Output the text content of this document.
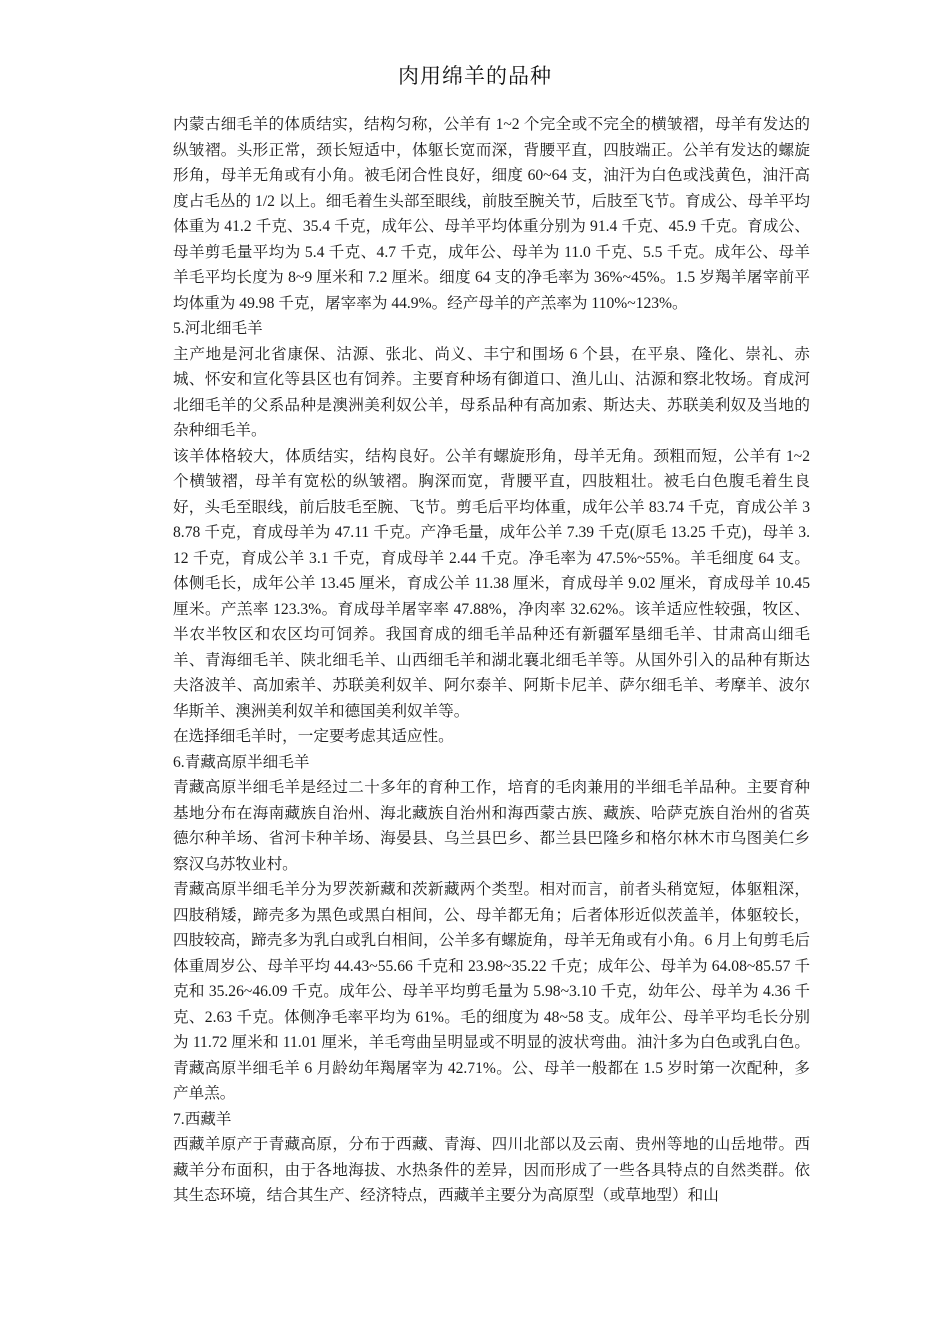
肉用绵羊的品种

内蒙古细毛羊的体质结实，结构匀称，公羊有 1~2 个完全或不完全的横皱褶，母羊有发达的纵皱褶。头形正常，颈长短适中，体躯长宽而深，背腰平直，四肢端正。公羊有发达的螺旋形角，母羊无角或有小角。被毛闭合性良好，细度 60~64 支，油汗为白色或浅黄色，油汗高度占毛丛的 1/2 以上。细毛着生头部至眼线，前肢至腕关节，后肢至飞节。育成公、母羊平均体重为 41.2 千克、35.4 千克，成年公、母羊平均体重分别为 91.4 千克、45.9 千克。育成公、母羊剪毛量平均为 5.4 千克、4.7 千克，成年公、母羊为 11.0 千克、5.5 千克。成年公、母羊羊毛平均长度为 8~9 厘米和 7.2 厘米。细度 64 支的净毛率为 36%~45%。1.5 岁羯羊屠宰前平均体重为 49.98 千克，屠宰率为 44.9%。经产母羊的产羔率为 110%~123%。

5.河北细毛羊

主产地是河北省康保、沽源、张北、尚义、丰宁和围场 6 个县，在平泉、隆化、崇礼、赤城、怀安和宣化等县区也有饲养。主要育种场有御道口、渔儿山、沽源和察北牧场。育成河北细毛羊的父系品种是澳洲美利奴公羊，母系品种有高加索、斯达夫、苏联美利奴及当地的杂种细毛羊。

该羊体格较大，体质结实，结构良好。公羊有螺旋形角，母羊无角。颈粗而短，公羊有 1~2 个横皱褶，母羊有宽松的纵皱褶。胸深而宽，背腰平直，四肢粗壮。被毛白色腹毛着生良好，头毛至眼线，前后肢毛至腕、飞节。剪毛后平均体重，成年公羊 83.74 千克，育成公羊 38.78 千克，育成母羊为 47.11 千克。产净毛量，成年公羊 7.39 千克(原毛 13.25 千克)，母羊 3.12 千克，育成公羊 3.1 千克，育成母羊 2.44 千克。净毛率为 47.5%~55%。羊毛细度 64 支。体侧毛长，成年公羊 13.45 厘米，育成公羊 11.38 厘米，育成母羊 9.02 厘米，育成母羊 10.45 厘米。产羔率 123.3%。育成母羊屠宰率 47.88%，净肉率 32.62%。该羊适应性较强，牧区、半农半牧区和农区均可饲养。我国育成的细毛羊品种还有新疆军垦细毛羊、甘肃高山细毛羊、青海细毛羊、陕北细毛羊、山西细毛羊和湖北襄北细毛羊等。从国外引入的品种有斯达夫洛波羊、高加索羊、苏联美利奴羊、阿尔泰羊、阿斯卡尼羊、萨尔细毛羊、考摩羊、波尔华斯羊、澳洲美利奴羊和德国美利奴羊等。

在选择细毛羊时，一定要考虑其适应性。

6.青藏高原半细毛羊

青藏高原半细毛羊是经过二十多年的育种工作，培育的毛肉兼用的半细毛羊品种。主要育种基地分布在海南藏族自治州、海北藏族自治州和海西蒙古族、藏族、哈萨克族自治州的省英德尔种羊场、省河卡种羊场、海晏县、乌兰县巴乡、都兰县巴隆乡和格尔林木市乌图美仁乡察汉乌苏牧业村。

青藏高原半细毛羊分为罗茨新藏和茨新藏两个类型。相对而言，前者头稍宽短，体躯粗深，四肢稍矮，蹄壳多为黑色或黑白相间，公、母羊都无角；后者体形近似茨盖羊，体躯较长，四肢较高，蹄壳多为乳白或乳白相间，公羊多有螺旋角，母羊无角或有小角。6 月上旬剪毛后体重周岁公、母羊平均 44.43~55.66 千克和 23.98~35.22 千克；成年公、母羊为 64.08~85.57 千克和 35.26~46.09 千克。成年公、母羊平均剪毛量为 5.98~3.10 千克，幼年公、母羊为 4.36 千克、2.63 千克。体侧净毛率平均为 61%。毛的细度为 48~58 支。成年公、母羊平均毛长分别为 11.72 厘米和 11.01 厘米，羊毛弯曲呈明显或不明显的波状弯曲。油汁多为白色或乳白色。青藏高原半细毛羊 6 月龄幼年羯屠宰为 42.71%。公、母羊一般都在 1.5 岁时第一次配种，多产单羔。

7.西藏羊

西藏羊原产于青藏高原，分布于西藏、青海、四川北部以及云南、贵州等地的山岳地带。西藏羊分布面积，由于各地海拔、水热条件的差异，因而形成了一些各具特点的自然类群。依其生态环境，结合其生产、经济特点，西藏羊主要分为高原型（或草地型）和山
